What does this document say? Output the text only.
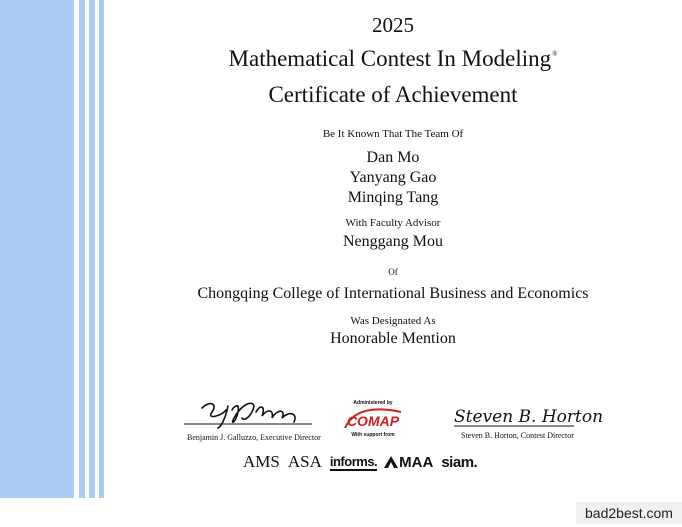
2025
Mathematical Contest In Modeling®
Certificate of Achievement
Be It Known That The Team Of
Dan Mo
Yanyang Gao
Minqing Tang
With Faculty Advisor
Nenggang Mou
Of
Chongqing College of International Business and Economics
Was Designated As
Honorable Mention
Benjamin J. Galluzzo, Executive Director
Administered by
COMAP
With support from
Steven B. Horton
Steven B. Horton, Contest Director
AMS ASA informs. MAA siam.
bad2best.com
